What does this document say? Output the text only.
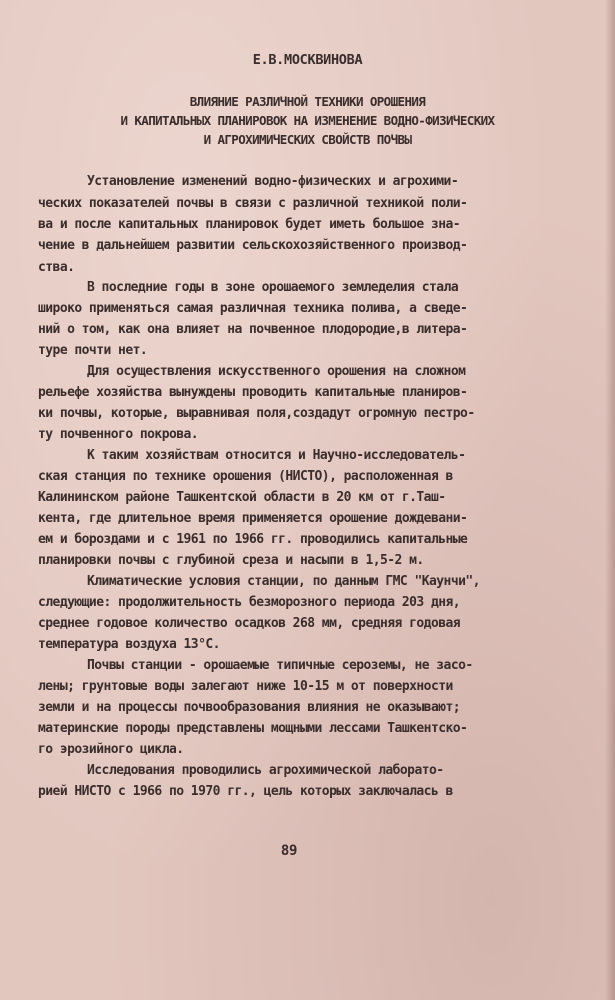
Е.В.МОСКВИНОВА
ВЛИЯНИЕ РАЗЛИЧНОЙ ТЕХНИКИ ОРОШЕНИЯ
И КАПИТАЛЬНЫХ ПЛАНИРОВОК НА ИЗМЕНЕНИЕ ВОДНО-ФИЗИЧЕСКИХ
И АГРОХИМИЧЕСКИХ СВОЙСТВ ПОЧВЫ
Установление изменений водно-физических и агрохими-
ческих показателей почвы в связи с различной техникой поли-
ва и после капитальных планировок будет иметь большое зна-
чение в дальнейшем развитии сельскохозяйственного производ-
ства.
В последние годы в зоне орошаемого земледелия стала
широко применяться самая различная техника полива, а сведе-
ний о том, как она влияет на почвенное плодородие,в литера-
туре почти нет.
Для осуществления искусственного орошения на сложном
рельефе хозяйства вынуждены проводить капитальные планиров-
ки почвы, которые, выравнивая поля,создадут огромную пестро-
ту почвенного покрова.
К таким хозяйствам относится и Научно-исследователь-
ская станция по технике орошения (НИСТО), расположенная в
Калининском районе Ташкентской области в 20 км от г.Таш-
кента, где длительное время применяется орошение дождевани-
ем и бороздами и с 1961 по 1966 гг. проводились капитальные
планировки почвы с глубиной среза и насыпи в 1,5-2 м.
Климатические условия станции, по данным ГМС "Каунчи",
следующие: продолжительность безморозного периода 203 дня,
среднее годовое количество осадков 268 мм, средняя годовая
температура воздуха 13°С.
Почвы станции - орошаемые типичные сероземы, не засо-
лены; грунтовые воды залегают ниже 10-15 м от поверхности
земли и на процессы почвообразования влияния не оказывают;
материнские породы представлены мощными лессами Ташкентско-
го эрозийного цикла.
Исследования проводились агрохимической лаборато-
рией НИСТО с 1966 по 1970 гг., цель которых заключалась в
89
